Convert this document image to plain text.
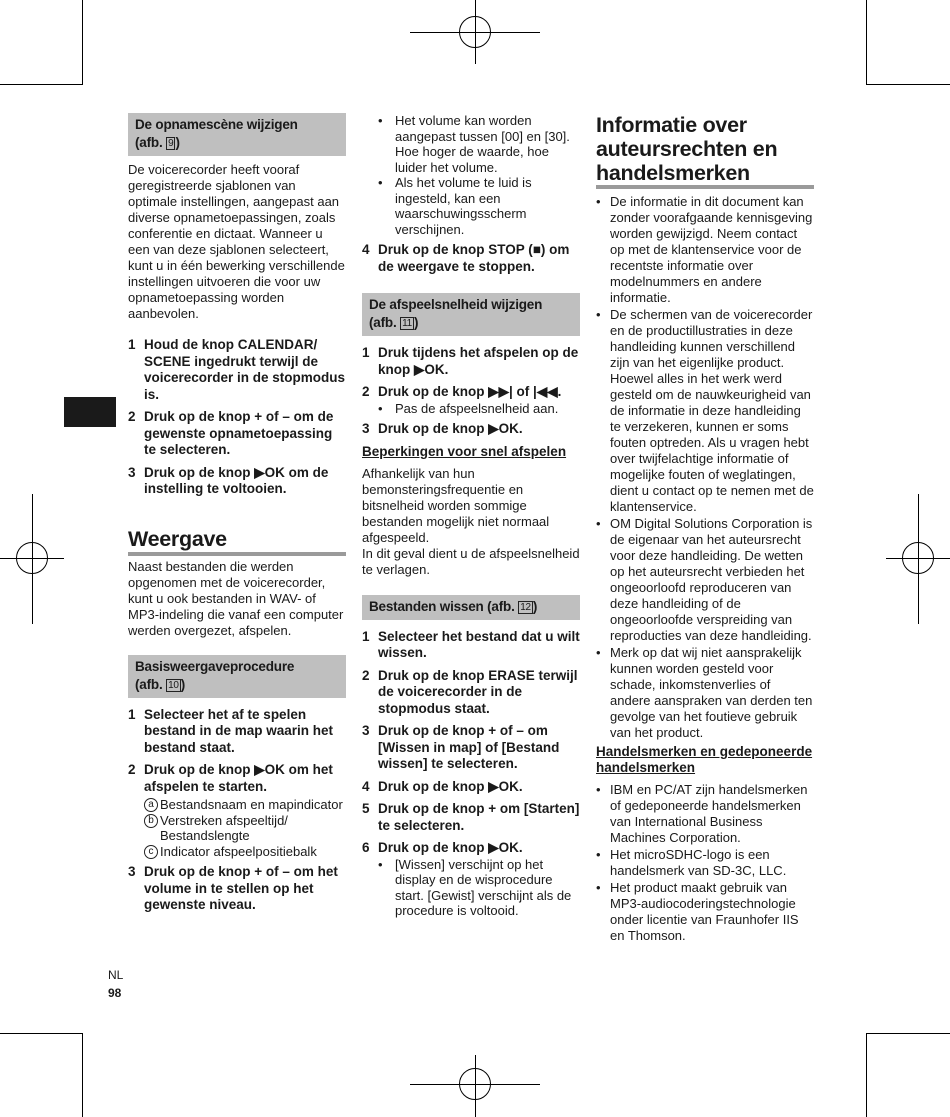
NL
98
De opnamescène wijzigen
(afb. 9 )

De voicerecorder heeft vooraf geregistreerde sjablonen van optimale instellingen, aangepast aan diverse opnametoepassingen, zoals conferentie en dictaat. Wanneer u een van deze sjablonen selecteert, kunt u in één bewerking verschillende instellingen uitvoeren die voor uw opnametoepassing worden aanbevolen.

1 Houd de knop CALENDAR/ SCENE ingedrukt terwijl de voicerecorder in de stopmodus is.
2 Druk op de knop + of – om de gewenste opnametoepassing te selecteren.
3 Druk op de knop ▶OK om de instelling te voltooien.
Weergave

Naast bestanden die werden opgenomen met de voicerecorder, kunt u ook bestanden in WAV- of MP3-indeling die vanaf een computer werden overgezet, afspelen.

Basisweergaveprocedure
(afb. 10 )
1 Selecteer het af te spelen bestand in de map waarin het bestand staat.
2 Druk op de knop ▶OK om het afspelen te starten.
a Bestandsnaam en mapindicator
b Verstreken afspeeltijd/ Bestandslengte
c Indicator afspeelpositiebalk
3 Druk op de knop + of – om het volume in te stellen op het gewenste niveau.
• Het volume kan worden aangepast tussen [00] en [30]. Hoe hoger de waarde, hoe luider het volume.
• Als het volume te luid is ingesteld, kan een waarschuwingsscherm verschijnen.
4 Druk op de knop STOP (■) om de weergave te stoppen.
De afspeelsnelheid wijzigen
(afb. 11 )
1 Druk tijdens het afspelen op de knop ▶OK.
2 Druk op de knop ▶▶| of |◀◀.
• Pas de afspeelsnelheid aan.
3 Druk op de knop ▶OK.
Beperkingen voor snel afspelen

Afhankelijk van hun bemonsteringsfrequentie en bitsnelheid worden sommige bestanden mogelijk niet normaal afgespeeld.

In dit geval dient u de afspeelsnelheid te verlagen.

Bestanden wissen (afb. 12 )
1 Selecteer het bestand dat u wilt wissen.
2 Druk op de knop ERASE terwijl de voicerecorder in de stopmodus staat.
3 Druk op de knop + of – om [Wissen in map] of [Bestand wissen] te selecteren.
4 Druk op de knop ▶OK.
5 Druk op de knop + om [Starten] te selecteren.
6 Druk op de knop ▶OK.
• [Wissen] verschijnt op het display en de wisprocedure start. [Gewist] verschijnt als de procedure is voltooid.
Informatie over auteursrechten en handelsmerken
• De informatie in dit document kan zonder voorafgaande kennisgeving worden gewijzigd. Neem contact op met de klantenservice voor de recentste informatie over modelnummers en andere informatie.
• De schermen van de voicerecorder en de productillustraties in deze handleiding kunnen verschillend zijn van het eigenlijke product. Hoewel alles in het werk werd gesteld om de nauwkeurigheid van de informatie in deze handleiding te verzekeren, kunnen er soms fouten optreden. Als u vragen hebt over twijfelachtige informatie of mogelijke fouten of weglatingen, dient u contact op te nemen met de klantenservice.
• OM Digital Solutions Corporation is de eigenaar van het auteursrecht voor deze handleiding. De wetten op het auteursrecht verbieden het ongeoorloofd reproduceren van deze handleiding of de ongeoorloofde verspreiding van reproducties van deze handleiding.
• Merk op dat wij niet aansprakelijk kunnen worden gesteld voor schade, inkomstenverlies of andere aanspraken van derden ten gevolge van het foutieve gebruik van het product.
Handelsmerken en gedeponeerde handelsmerken
• IBM en PC/AT zijn handelsmerken of gedeponeerde handelsmerken van International Business Machines Corporation.
• Het microSDHC-logo is een handelsmerk van SD-3C, LLC.
• Het product maakt gebruik van MP3-audiocoderingstechnologie onder licentie van Fraunhofer IIS en Thomson.
